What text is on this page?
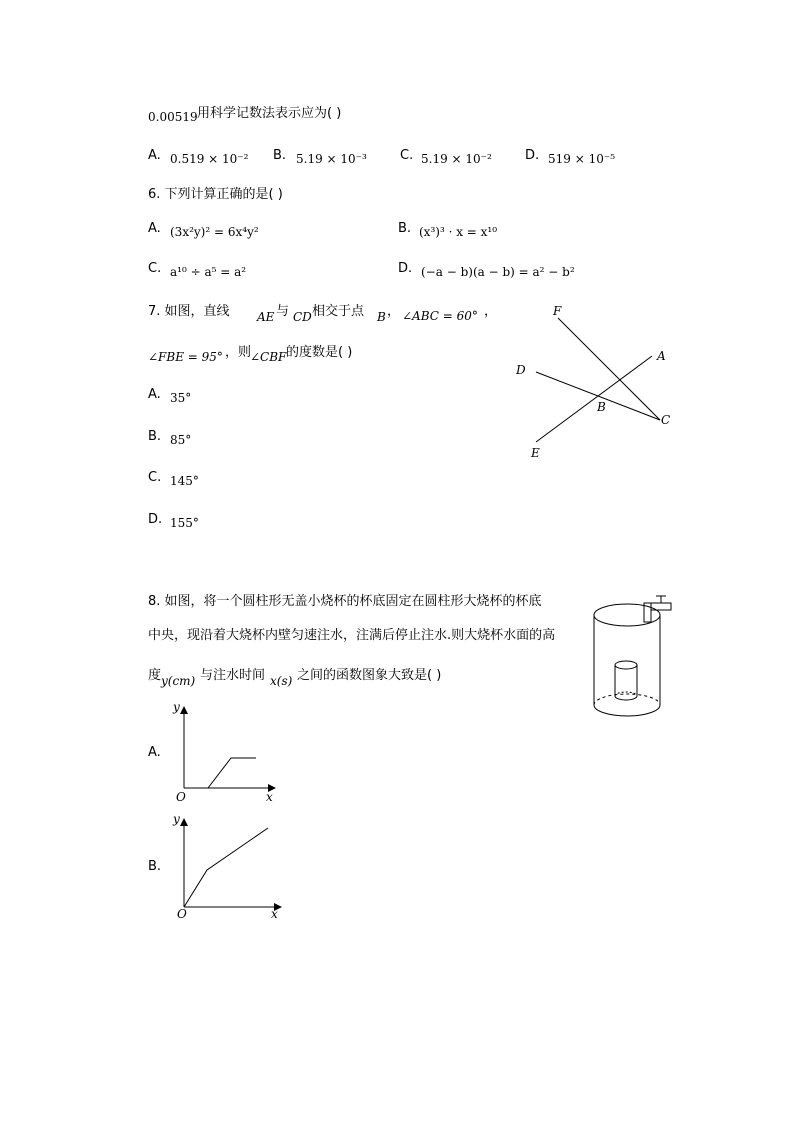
0.00519 用科学记数法表示应为( )
A. 0.519 × 10⁻² B. 5.19 × 10⁻³	C. 5.19 × 10⁻²	D. 519 × 10⁻⁵
6. 下列计算正确的是( )
A. (3x²y)² = 6x⁴y²	B. (x³)³ · x = x¹⁰
C. a¹⁰ ÷ a⁵ = a²	D. (−a − b)(a − b) = a² − b²
7. 如图，直线 AE 与 CD 相交于点 B ， ∠ABC = 60° ，
∠FBE = 95° ，则
∠CBF 的度数是( )
A. 35°
B. 85°
C. 145°
D. 155°
F
A
D
B
C
E
8. 如图，将一个圆柱形无盖小烧杯的杯底固定在圆柱形大烧杯的杯底
中央，现沿着大烧杯内壁匀速注水，注满后停止注水.则大烧杯水面的高
度 y(cm) 与注水时间 x(s) 之间的函数图象大致是( )
A.
y
x
O
B.
y
x
O
